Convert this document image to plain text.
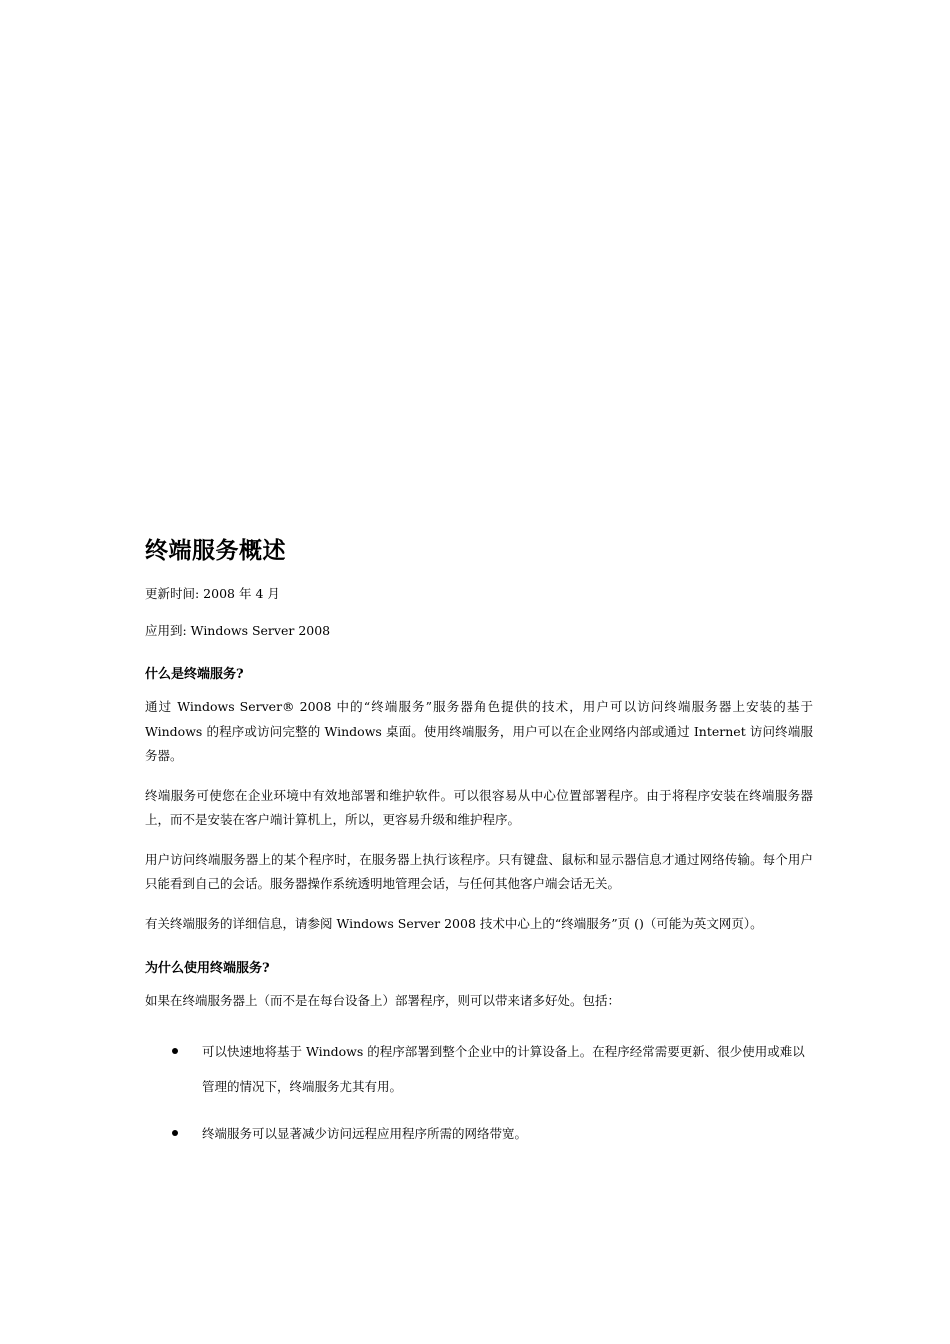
终端服务概述

更新时间: 2008 年 4 月

应用到: Windows Server 2008

什么是终端服务?

通过 Windows Server® 2008 中的“终端服务”服务器角色提供的技术，用户可以访问终端服务器上安装的基于 Windows 的程序或访问完整的 Windows 桌面。使用终端服务，用户可以在企业网络内部或通过 Internet 访问终端服务器。

终端服务可使您在企业环境中有效地部署和维护软件。可以很容易从中心位置部署程序。由于将程序安装在终端服务器上，而不是安装在客户端计算机上，所以，更容易升级和维护程序。

用户访问终端服务器上的某个程序时，在服务器上执行该程序。只有键盘、鼠标和显示器信息才通过网络传输。每个用户只能看到自己的会话。服务器操作系统透明地管理会话，与任何其他客户端会话无关。

有关终端服务的详细信息，请参阅 Windows Server 2008 技术中心上的“终端服务”页 ()（可能为英文网页）。

为什么使用终端服务?

如果在终端服务器上（而不是在每台设备上）部署程序，则可以带来诸多好处。包括：

可以快速地将基于 Windows 的程序部署到整个企业中的计算设备上。在程序经常需要更新、很少使用或难以管理的情况下，终端服务尤其有用。
终端服务可以显著减少访问远程应用程序所需的网络带宽。
